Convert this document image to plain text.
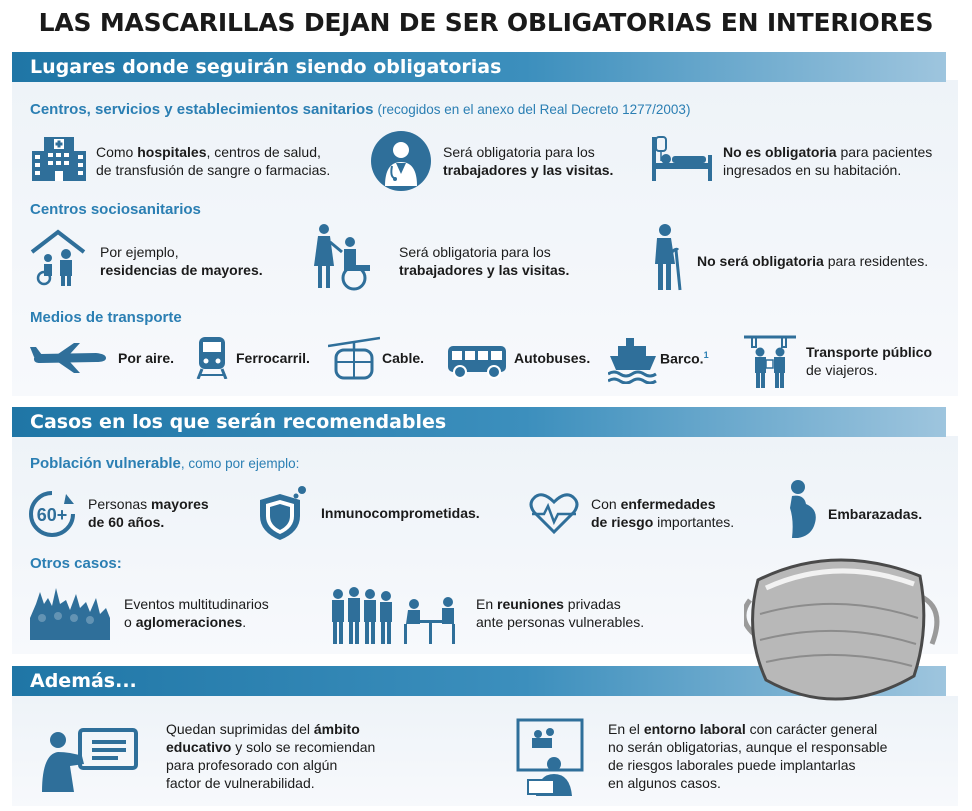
LAS MASCARILLAS DEJAN DE SER OBLIGATORIAS EN INTERIORES
Lugares donde seguirán siendo obligatorias
Centros, servicios y establecimientos sanitarios (recogidos en el anexo del Real Decreto 1277/2003)
Como hospitales, centros de salud,
de transfusión de sangre o farmacias.
Será obligatoria para los
trabajadores y las visitas.
No es obligatoria para pacientes
ingresados en su habitación.
Centros sociosanitarios
Por ejemplo,
residencias de mayores.
Será obligatoria para los
trabajadores y las visitas.
No será obligatoria para residentes.
Medios de transporte
Por aire.	Ferrocarril.	Cable.	Autobuses.	Barco.$^1$	Transporte público
de viajeros.
Casos en los que serán recomendables
Población vulnerable, como por ejemplo:
60+
Personas mayores
de 60 años.
Inmunocomprometidas.
Con enfermedades
de riesgo importantes.	Embarazadas.
Otros casos:
Eventos multitudinarios
o aglomeraciones.
En reuniones privadas
ante personas vulnerables.
Además...
Quedan suprimidas del ámbito
educativo y solo se recomiendan
para profesorado con algún
factor de vulnerabilidad.
En el entorno laboral con carácter general
no serán obligatorias, aunque el responsable
de riesgos laborales puede implantarlas
en algunos casos.
